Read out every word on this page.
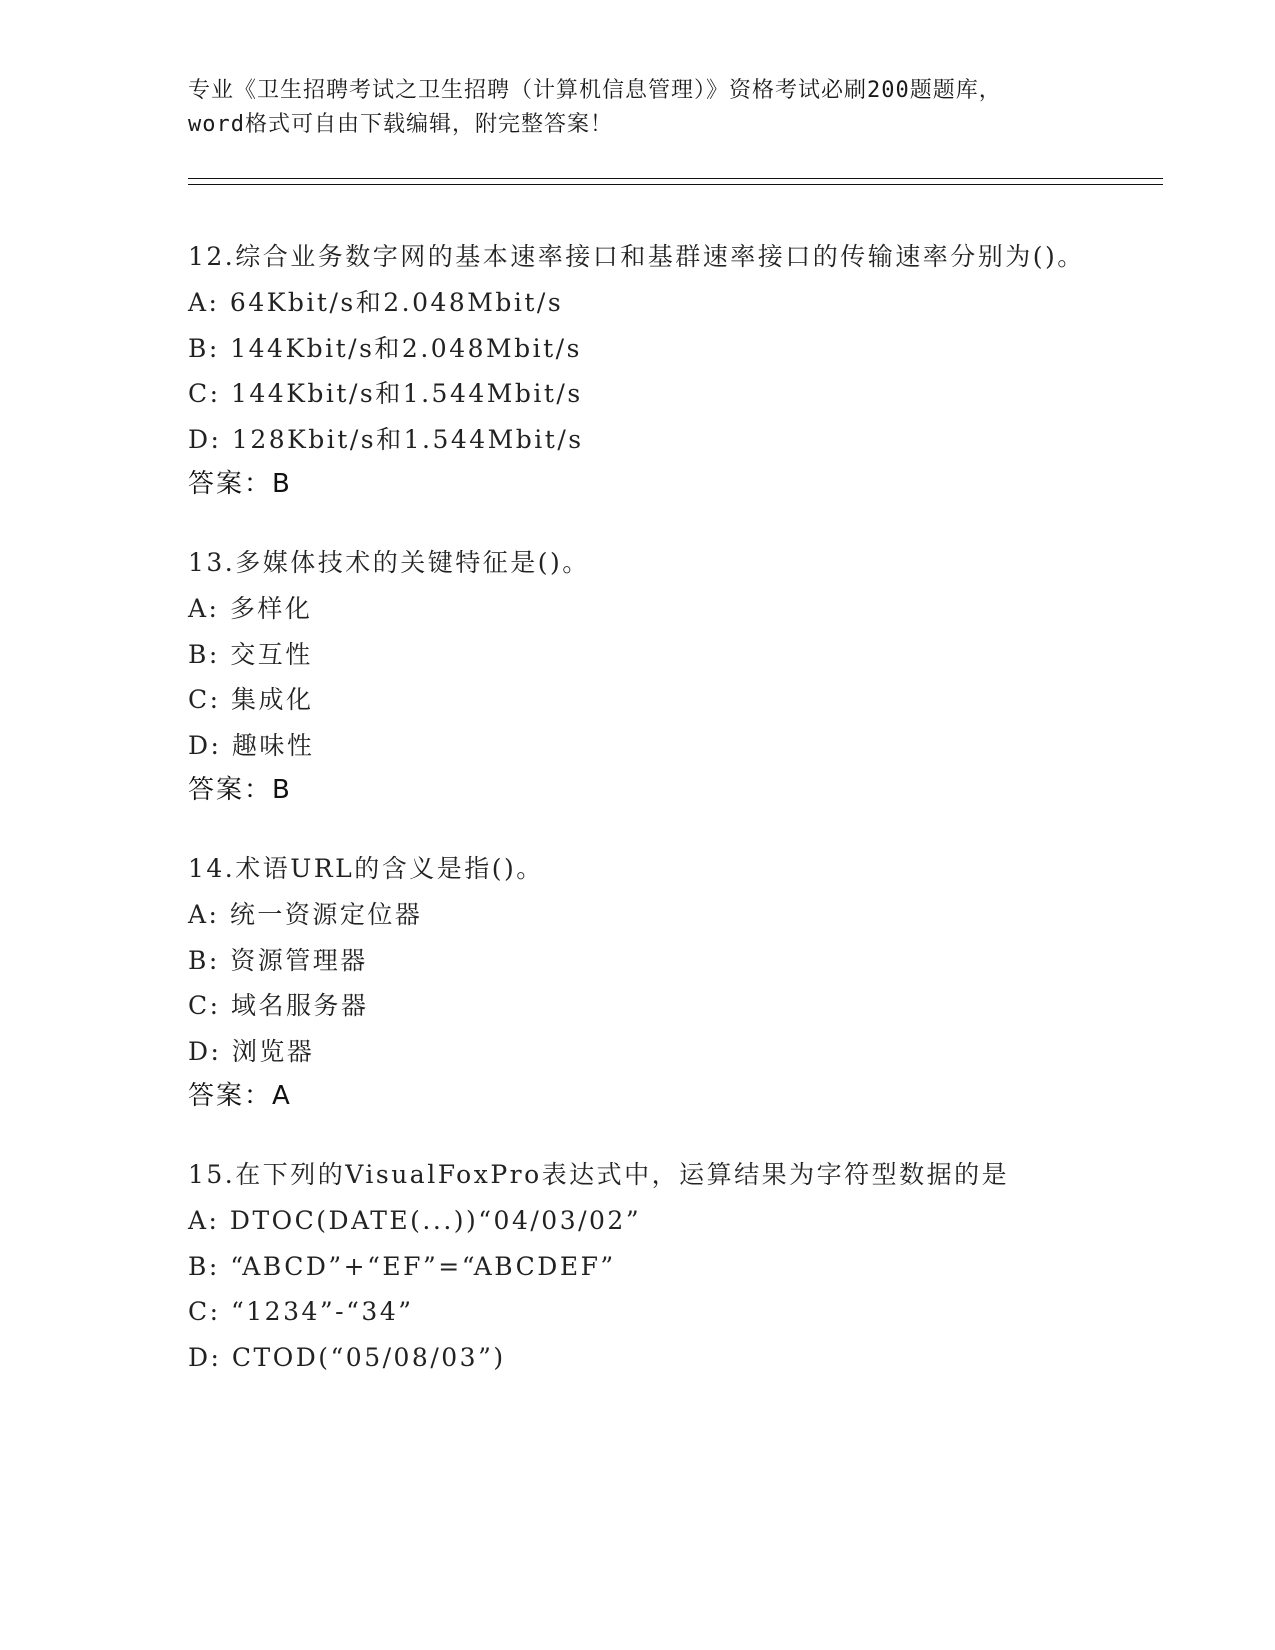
专业《卫生招聘考试之卫生招聘（计算机信息管理）》资格考试必刷200题题库，
word格式可自由下载编辑，附完整答案！
12.综合业务数字网的基本速率接口和基群速率接口的传输速率分别为()。
A: 64Kbit/s和2.048Mbit/s
B: 144Kbit/s和2.048Mbit/s
C: 144Kbit/s和1.544Mbit/s
D: 128Kbit/s和1.544Mbit/s
答案：B
13.多媒体技术的关键特征是()。
A: 多样化
B: 交互性
C: 集成化
D: 趣味性
答案：B
14.术语URL的含义是指()。
A: 统一资源定位器
B: 资源管理器
C: 域名服务器
D: 浏览器
答案：A
15.在下列的VisualFoxPro表达式中，运算结果为字符型数据的是
A: DTOC(DATE(...))“04/03/02”
B: “ABCD”+“EF”=“ABCDEF”
C: “1234”-“34”
D: CTOD(“05/08/03”)
